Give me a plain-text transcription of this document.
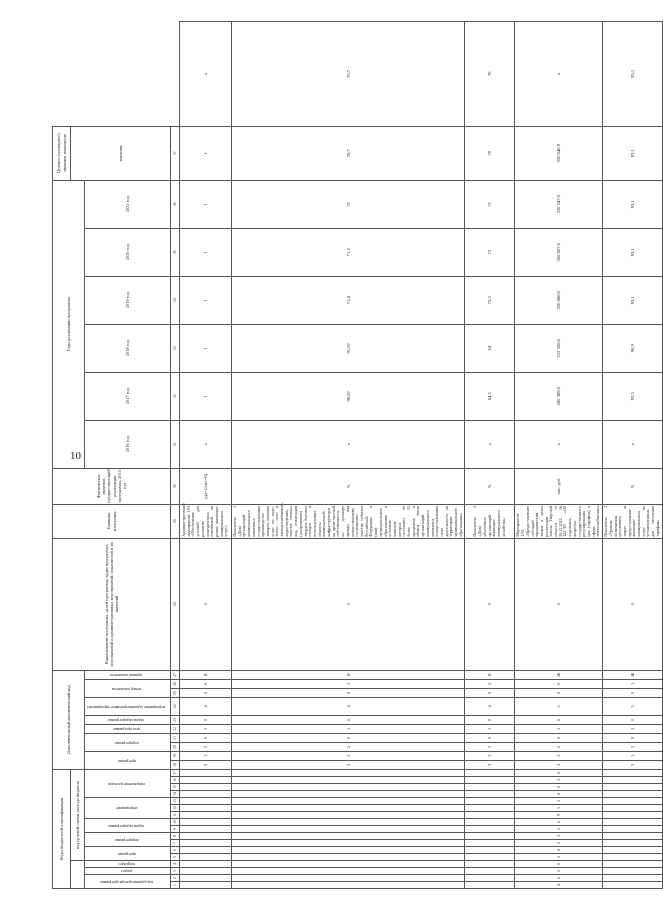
10
Коды бюджетной классификации																	Дополнительный аналитический код										Наименование программы, целей программы, задач программы, мероприятий и административных мероприятий, показателей и их значений	Единица измерения	Фактическое значение, предшествующий реализации программы, 2015 год	Годы реализации программы						Целевое (суммарное) значение показателя	
				код целевой статьи расхода бюджета																																значение	
код администратора программы		раздел	подраздел	программа		подпрограмма		задача подпрограммы		мероприятие			направление расходов				программа		подпрограмма		цель программы	задача подпрограммы	мероприятие (административное мероприятие)	номер показателя		признак показателя				2016 год	2017 год	2018 год	2019 год	2020 год	2021 год		
1	2	3	4	5	6	7	8	9	10	11	12	13	14	15	16	17	18	19	20	21	22	23	24	25	26	27	28	29	30	31	32	33	34	35	36	37	
																	3	1	2	0	1	0	4	0	0	Я	0	Административное мероприятие 1.03 «Обеспечение условий для развития конкурентных отношений на рынке жилищно-коммунальных услуг»	(да=1/нет=0)	x	1	1	1	1	1	1	x
																	3	1	2	0	1	0	4	0	1	Я	0	Показатель 1 «Доля организаций коммунального комплекса, осуществляющих производство товаров, оказание услуг по водо-, тепло-, газо- и электроснабжению, водоотведению, очистке сточных вод, утилизации (захоронению) твердых бытовых отходов и использующих объекты коммунальной инфраструктуры на праве частной собственности, по договору аренды или концессионному соглашению, участие субъекта Российской Федерации и (или) муниципального образования в уставном капитале которых составляет не более 25 процентов, в общем числе организаций коммунального комплекса, осуществляющих свою деятельность на территории муниципального образования»	%	x	90,87	91,87	71,4	71,2	71	70,7	70,7
																	3	1	2	0	1	0	4	0	2	Я	0	Показатель 2 «Доля убыточных организаций жилищно-коммунального хозяйства»	%	x	64,5	64	73,5	72	71	70	70
4	2	5	0	5	0	2	3	1	2	9	1	1	0	0	3	0	3	1	2	0	1	0	5	0	0	Ж	0	Мероприятие 1.05 «Предоставление субсидий юридическим лицам в целях реализации закона Тверской области от 20.12.2012 № 122-ЗО «Об отдельных вопросах государственного регулирования цен (тарифов) в сфере теплоснабжения»»	тыс. руб.	x	286 389,5	212 328,6	320 808,0	366 857,6	336 247,9	330 040,9	x
																	3	1	2	0	1	0	5	0	1	Ж	0	Показатель 1 «Уровень возмещения населением затрат за предоставление жилищно-коммунальных услуг по установленным для населения тарифам»	%	x	93,5	90,9	93,1	93,1	93,1	93,1	93,1
